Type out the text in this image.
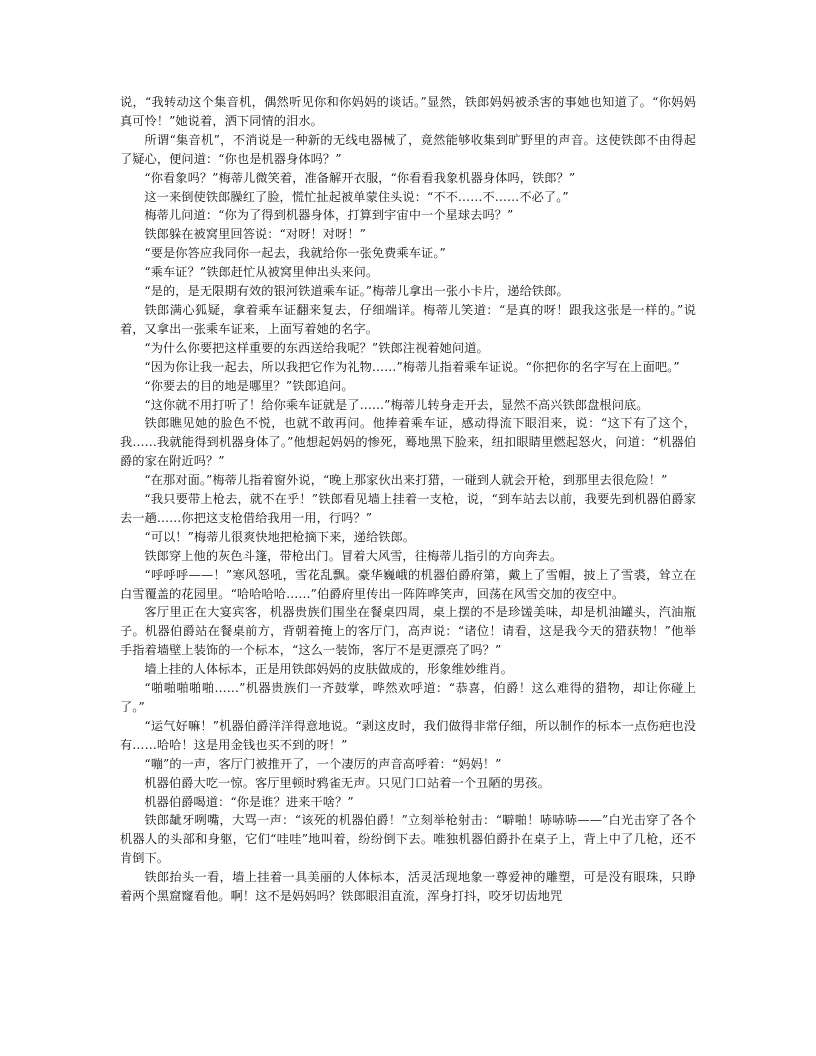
说，“我转动这个集音机，偶然听见你和你妈妈的谈话。”显然，铁郎妈妈被杀害的事她也知道了。“你妈妈真可怜！”她说着，洒下同情的泪水。

所谓“集音机”，不消说是一种新的无线电器械了，竟然能够收集到旷野里的声音。这使铁郎不由得起了疑心，便问道：“你也是机器身体吗？”

“你看象吗？”梅蒂儿微笑着，准备解开衣服，“你看看我象机器身体吗，铁郎？”

这一来倒使铁郎臊红了脸，慌忙扯起被单蒙住头说：“不不……不……不必了。”

梅蒂儿问道：“你为了得到机器身体，打算到宇宙中一个星球去吗？”

铁郎躲在被窝里回答说：“对呀！对呀！”

“要是你答应我同你一起去，我就给你一张免费乘车证。”

“乘车证？”铁郎赶忙从被窝里伸出头来问。

“是的，是无限期有效的银河铁道乘车证。”梅蒂儿拿出一张小卡片，递给铁郎。

铁郎满心狐疑，拿着乘车证翻来复去，仔细端详。梅蒂儿笑道：“是真的呀！跟我这张是一样的。”说着，又拿出一张乘车证来，上面写着她的名字。

“为什么你要把这样重要的东西送给我呢？”铁郎注视着她问道。

“因为你让我一起去，所以我把它作为礼物……”梅蒂儿指着乘车证说。“你把你的名字写在上面吧。”

“你要去的目的地是哪里？”铁郎追问。

“这你就不用打听了！给你乘车证就是了……”梅蒂儿转身走开去，显然不高兴铁郎盘根问底。

铁郎瞧见她的脸色不悦，也就不敢再问。他捧着乘车证，感动得流下眼泪来，说：“这下有了这个，我……我就能得到机器身体了。”他想起妈妈的惨死，蓦地黑下脸来，纽扣眼睛里燃起怒火，问道：“机器伯爵的家在附近吗？”

“在那对面。”梅蒂儿指着窗外说，“晚上那家伙出来打猎，一碰到人就会开枪，到那里去很危险！”

“我只要带上枪去，就不在乎！”铁郎看见墙上挂着一支枪，说，“到车站去以前，我要先到机器伯爵家去一趟……你把这支枪借给我用一用，行吗？”

“可以！”梅蒂儿很爽快地把枪摘下来，递给铁郎。

铁郎穿上他的灰色斗篷，带枪出门。冒着大风雪，往梅蒂儿指引的方向奔去。

“呼呼呼——！”寒风怒吼，雪花乱飘。豪华巍峨的机器伯爵府第，戴上了雪帽，披上了雪裘，耸立在白雪覆盖的花园里。“哈哈哈哈……”伯爵府里传出一阵阵哗笑声，回荡在风雪交加的夜空中。

客厅里正在大宴宾客，机器贵族们围坐在餐桌四周，桌上摆的不是珍馐美味，却是机油罐头，汽油瓶子。机器伯爵站在餐桌前方，背朝着掩上的客厅门，高声说：“诸位！请看，这是我今天的猎获物！”他举手指着墙壁上装饰的一个标本，“这么一装饰，客厅不是更漂亮了吗？”

墙上挂的人体标本，正是用铁郎妈妈的皮肤做成的，形象维妙维肖。

“啪啪啪啪啪……”机器贵族们一齐鼓掌，哗然欢呼道：“恭喜，伯爵！这么难得的猎物，却让你碰上了。”

“运气好嘛！”机器伯爵洋洋得意地说。“剥这皮时，我们做得非常仔细，所以制作的标本一点伤疤也没有……哈哈！这是用金钱也买不到的呀！”

“嘣”的一声，客厅门被推开了，一个凄厉的声音高呼着：“妈妈！”

机器伯爵大吃一惊。客厅里顿时鸦雀无声。只见门口站着一个丑陋的男孩。

机器伯爵喝道：“你是谁？进来干啥？”

铁郎龇牙咧嘴，大骂一声：“该死的机器伯爵！”立刻举枪射击：“噼啪！哧哧哧——”白光击穿了各个机器人的头部和身躯，它们“哇哇”地叫着，纷纷倒下去。唯独机器伯爵扑在桌子上，背上中了几枪，还不肯倒下。

铁郎抬头一看，墙上挂着一具美丽的人体标本，活灵活现地象一尊爱神的雕塑，可是没有眼珠，只睁着两个黑窟窿看他。啊！这不是妈妈吗？铁郎眼泪直流，浑身打抖，咬牙切齿地咒
